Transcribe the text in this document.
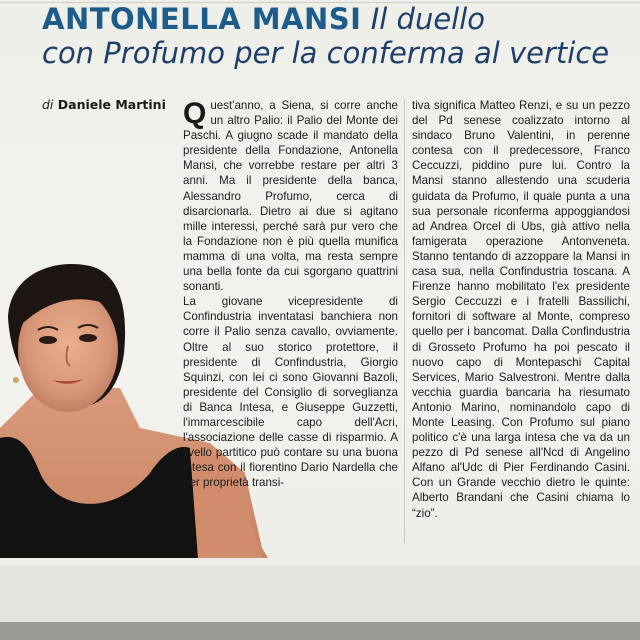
ANTONELLA MANSI Il duello
con Profumo per la conferma al vertice
di Daniele Martini Quest'anno, a Siena, si corre anche un altro Palio: il Palio del Monte dei Paschi. A giugno scade il mandato della presidente della Fondazione, Antonella Mansi, che vorrebbe restare per altri 3 anni. Ma il presidente della banca, Alessandro Profumo, cerca di disarcionarla. Dietro ai due si agitano mille interessi, perché sarà pur vero che la Fondazione non è più quella munifica mamma di una volta, ma resta sempre una bella fonte da cui sgorgano quattrini sonanti.

La giovane vicepresidente di Confindustria inventatasi banchiera non corre il Palio senza cavallo, ovviamente. Oltre al suo storico protettore, il presidente di Confindustria, Giorgio Squinzi, con lei ci sono Giovanni Bazoli, presidente del Consiglio di sorveglianza di Banca Intesa, e Giuseppe Guzzetti, l'immarcescibile capo dell'Acri, l'associazione delle casse di risparmio. A livello partitico può contare su una buona intesa con il fiorentino Dario Nardella che per proprietà transi-

tiva significa Matteo Renzi, e su un pezzo del Pd senese coalizzato intorno al sindaco Bruno Valentini, in perenne contesa con il predecessore, Franco Ceccuzzi, piddino pure lui. Contro la Mansi stanno allestendo una scuderia guidata da Profumo, il quale punta a una sua personale riconferma appoggiandosi ad Andrea Orcel di Ubs, già attivo nella famigerata operazione Antonveneta. Stanno tentando di azzoppare la Mansi in casa sua, nella Confindustria toscana. A Firenze hanno mobilitato l'ex presidente Sergio Ceccuzzi e i fratelli Bassilichi, fornitori di software al Monte, compreso quello per i bancomat. Dalla Confindustria di Grosseto Profumo ha poi pescato il nuovo capo di Montepaschi Capital Services, Mario Salvestroni. Mentre dalla vecchia guardia bancaria ha riesumato Antonio Marino, nominandolo capo di Monte Leasing. Con Profumo sul piano politico c'è una larga intesa che va da un pezzo di Pd senese all'Ncd di Angelino Alfano al'Udc di Pier Ferdinando Casini. Con un Grande vecchio dietro le quinte: Alberto Brandani che Casini chiama lo “zio”.
